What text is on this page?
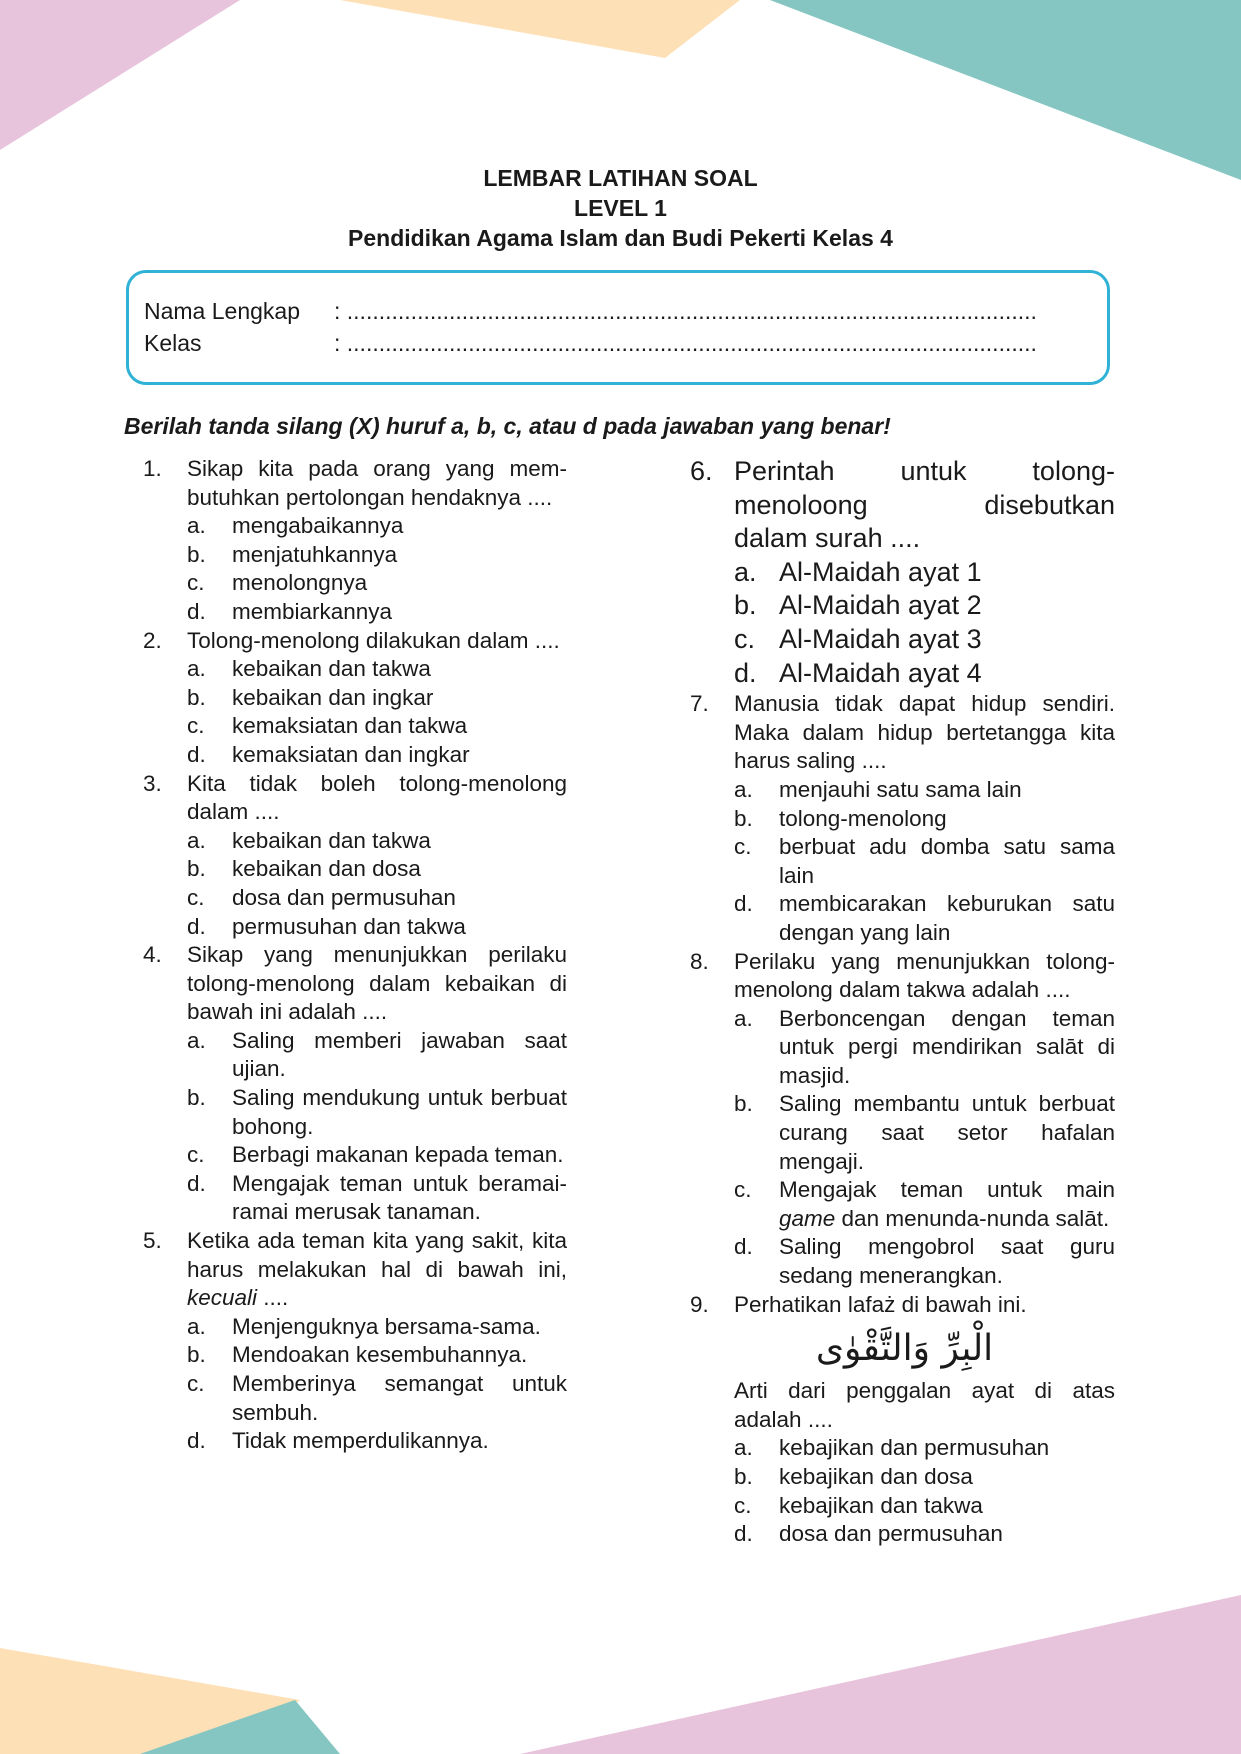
LEMBAR LATIHAN SOAL
LEVEL 1
Pendidikan Agama Islam dan Budi Pekerti Kelas 4
Nama Lengkap : ............................................................................................................
Kelas	: ............................................................................................................
Berilah tanda silang (X) huruf a, b, c, atau d pada jawaban yang benar!
1. Sikap kita pada orang yang mem-butuhkan pertolongan hendaknya ....
a. mengabaikannya
b. menjatuhkannya
c. menolongnya
d. membiarkannya
2. Tolong-menolong dilakukan dalam ....
a. kebaikan dan takwa
b. kebaikan dan ingkar
c. kemaksiatan dan takwa
d. kemaksiatan dan ingkar
3. Kita tidak boleh tolong-menolong dalam ....
a. kebaikan dan takwa
b. kebaikan dan dosa
c. dosa dan permusuhan
d. permusuhan dan takwa
4. Sikap yang menunjukkan perilaku tolong-menolong dalam kebaikan di bawah ini adalah ....
a. Saling memberi jawaban saat ujian.
b. Saling mendukung untuk berbuat bohong.
c. Berbagi makanan kepada teman.
d. Mengajak teman untuk beramai-ramai merusak tanaman.
5. Ketika ada teman kita yang sakit, kita harus melakukan hal di bawah ini, kecuali ....
a. Menjenguknya bersama-sama.
b. Mendoakan kesembuhannya.
c. Memberinya semangat untuk sembuh.
d. Tidak memperdulikannya.
6. Perintah untuk tolong-
menoloong	disebutkan
dalam surah ....
a. Al-Maidah ayat 1
b. Al-Maidah ayat 2
c. Al-Maidah ayat 3
d. Al-Maidah ayat 4
7. Manusia tidak dapat hidup sendiri. Maka dalam hidup bertetangga kita harus saling ....
a. menjauhi satu sama lain
b. tolong-menolong
c. berbuat adu domba satu sama lain
d. membicarakan keburukan satu dengan yang lain
8. Perilaku yang menunjukkan tolong-menolong dalam takwa adalah ....
a. Berboncengan dengan teman untuk pergi mendirikan salāt di masjid.
b. Saling membantu untuk berbuat curang saat setor hafalan mengaji.
c. Mengajak teman untuk main game dan menunda-nunda salāt.
d. Saling mengobrol saat guru sedang menerangkan.
9. Perhatikan lafaż di bawah ini.
الْبِرِّ وَالتَّقْوٰى
Arti dari penggalan ayat di atas adalah ....
a. kebajikan dan permusuhan
b. kebajikan dan dosa
c. kebajikan dan takwa
d. dosa dan permusuhan
